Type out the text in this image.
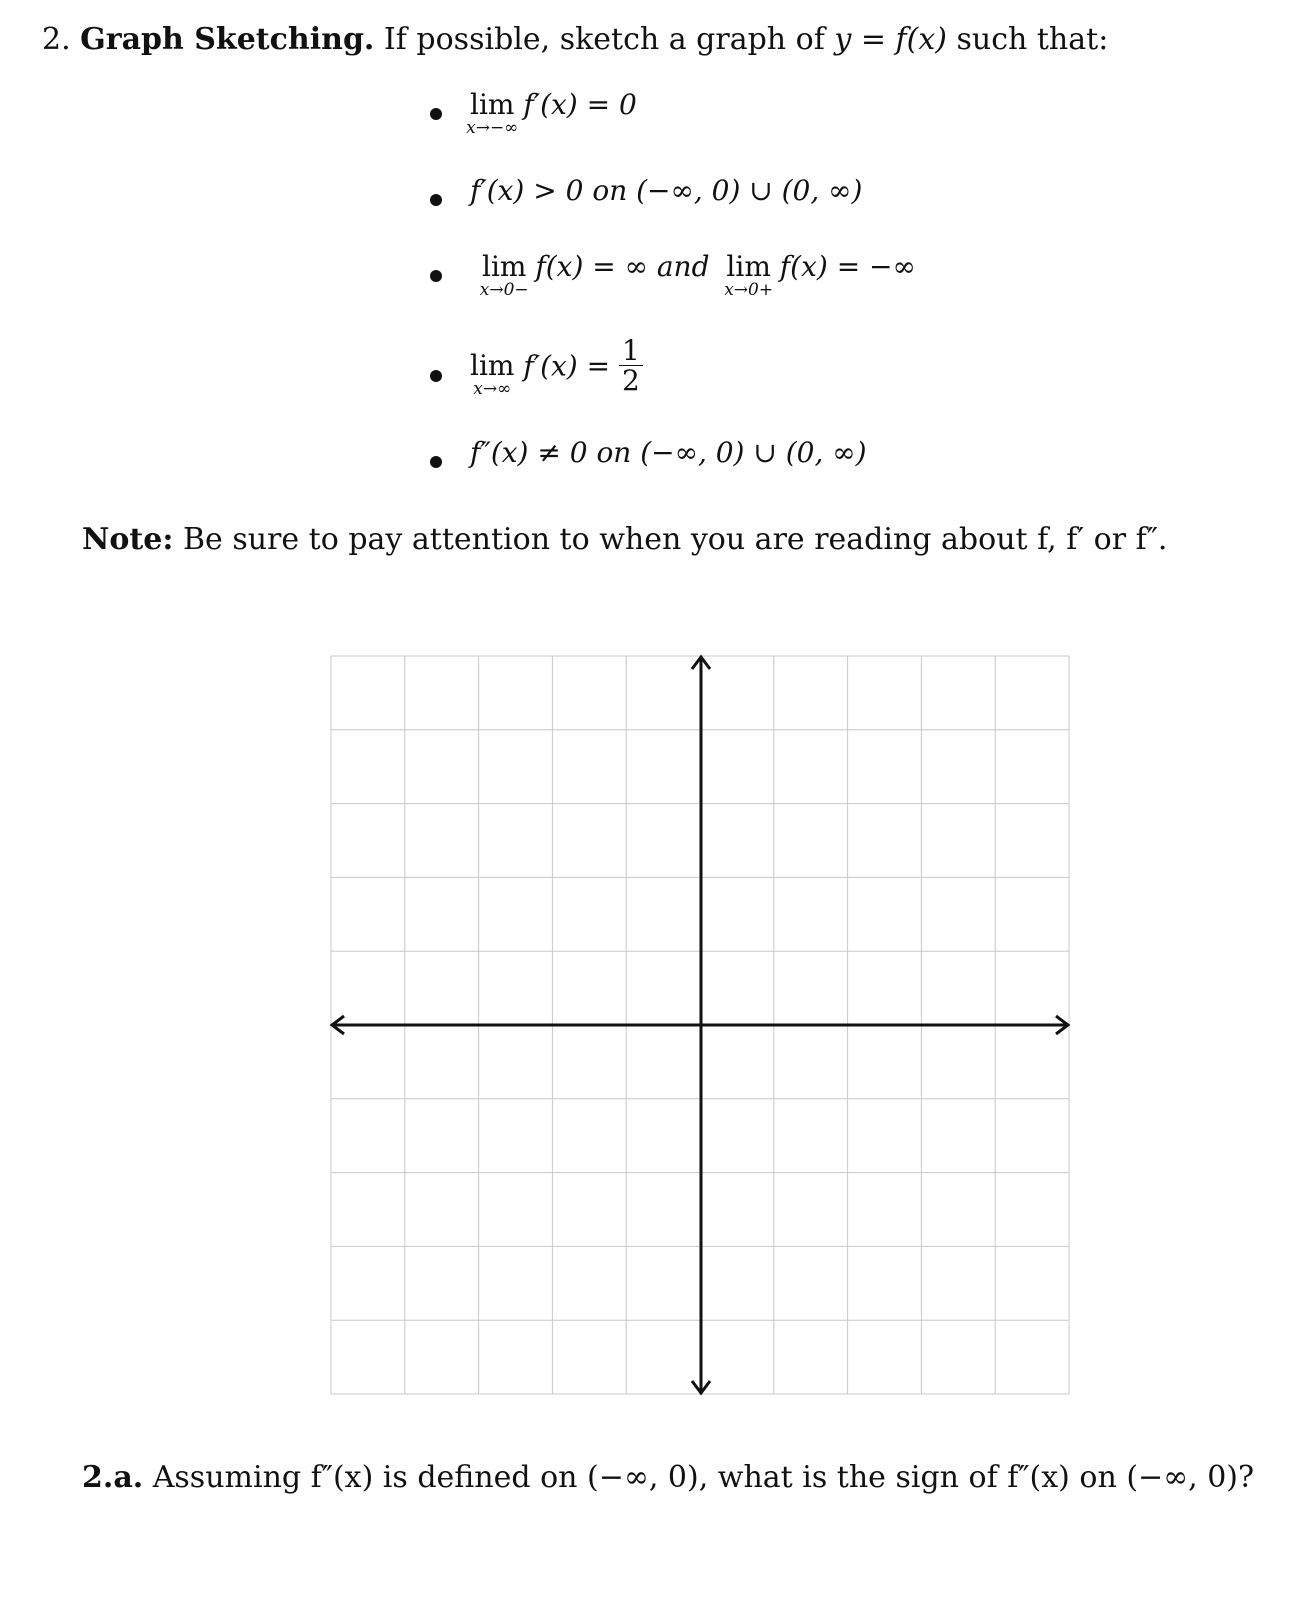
2. Graph Sketching. If possible, sketch a graph of y = f(x) such that:
lim
x→−∞
f′(x) = 0
f′(x) > 0 on (−∞, 0) ∪ (0, ∞)
lim
x→0−
f(x) = ∞ and lim
x→0+
f(x) = −∞
lim
x→∞
$f'(x) = \frac{1}{2}$
f″(x) ≠ 0 on (−∞, 0) ∪ (0, ∞)
Note: Be sure to pay attention to when you are reading about f, f′ or f″.
2.a. Assuming f″(x) is defined on (−∞, 0), what is the sign of f″(x) on (−∞, 0)?
